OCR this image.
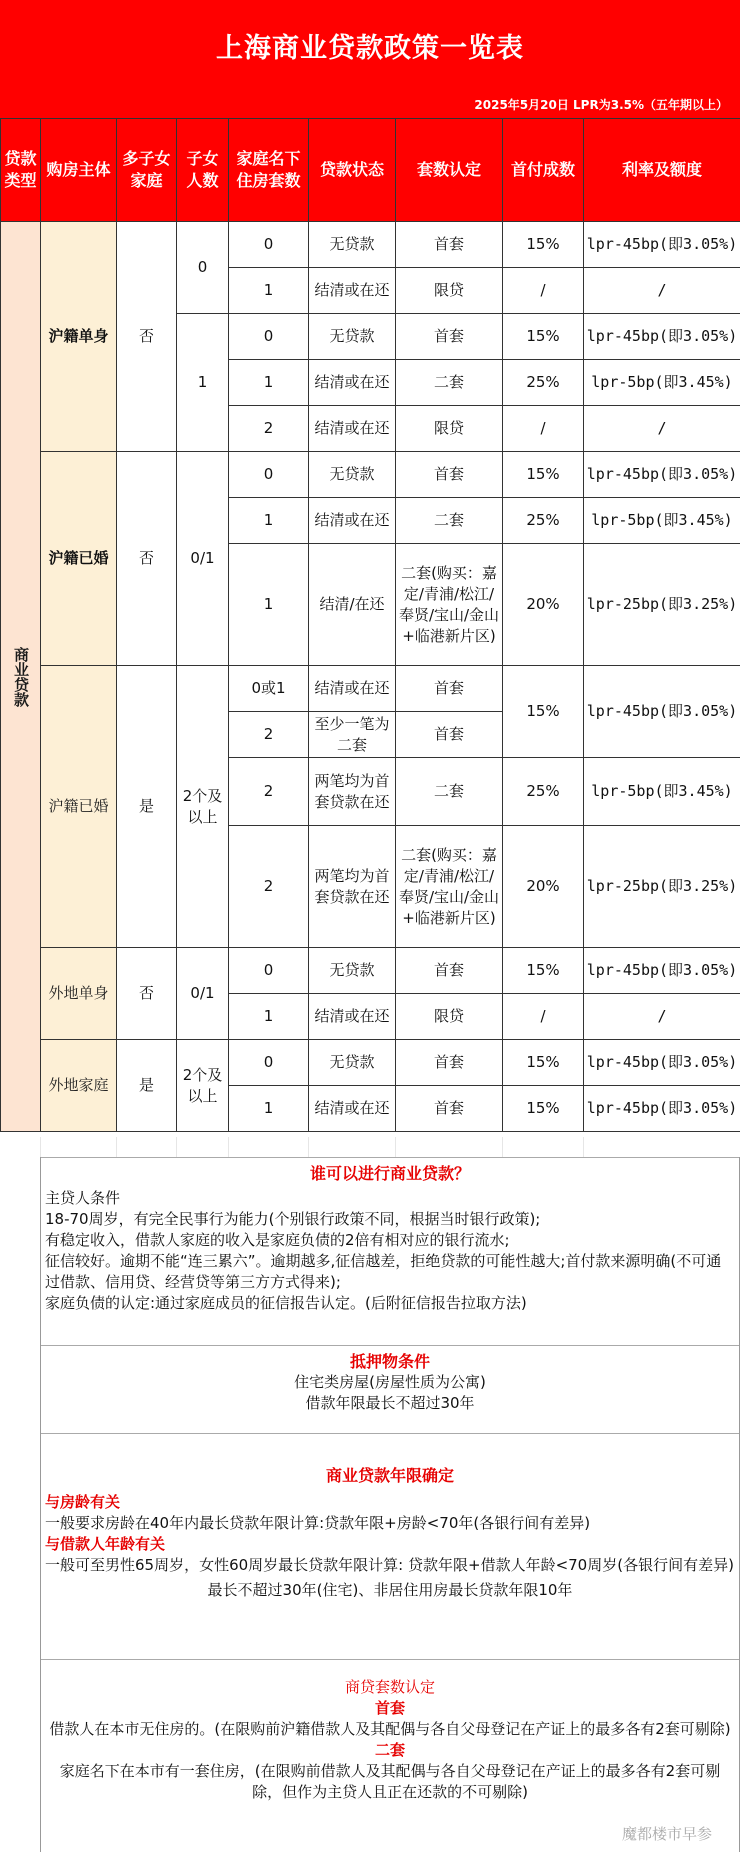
上海商业贷款政策一览表
2025年5月20日 LPR为3.5%（五年期以上）
贷款类型	购房主体	多子女家庭	子女人数	家庭名下住房套数	贷款状态	套数认定	首付成数	利率及额度
商业贷款	沪籍单身	否	0	0	无贷款	首套	15%	lpr-45bp(即3.05%)
				1	结清或在还	限贷	/	/
			1	0	无贷款	首套	15%	lpr-45bp(即3.05%)
				1	结清或在还	二套	25%	lpr-5bp(即3.45%)
				2	结清或在还	限贷	/	/
	沪籍已婚	否	0/1	0	无贷款	首套	15%	lpr-45bp(即3.05%)
				1	结清或在还	二套	25%	lpr-5bp(即3.45%)
				1	结清/在还	二套(购买：嘉定/青浦/松江/奉贤/宝山/金山+临港新片区)	20%	lpr-25bp(即3.25%)
	沪籍已婚	是	2个及以上	0或1	结清或在还	首套	15%	lpr-45bp(即3.05%)
				2	至少一笔为二套	首套		
				2	两笔均为首套贷款在还	二套	25%	lpr-5bp(即3.45%)
				2	两笔均为首套贷款在还	二套(购买：嘉定/青浦/松江/奉贤/宝山/金山+临港新片区)	20%	lpr-25bp(即3.25%)
	外地单身	否	0/1	0	无贷款	首套	15%	lpr-45bp(即3.05%)
				1	结清或在还	限贷	/	/
	外地家庭	是	2个及以上	0	无贷款	首套	15%	lpr-45bp(即3.05%)
				1	结清或在还	首套	15%	lpr-45bp(即3.05%)
谁可以进行商业贷款？
主贷人条件
18-70周岁，有完全民事行为能力(个别银行政策不同，根据当时银行政策);
有稳定收入，借款人家庭的收入是家庭负债的2倍有相对应的银行流水;
征信较好。逾期不能“连三累六”。逾期越多,征信越差，拒绝贷款的可能性越大;首付款来源明确(不可通过借款、信用贷、经营贷等第三方方式得来);
家庭负债的认定:通过家庭成员的征信报告认定。(后附征信报告拉取方法)
抵押物条件
住宅类房屋(房屋性质为公寓)
借款年限最长不超过30年
商业贷款年限确定
与房龄有关
一般要求房龄在40年内最长贷款年限计算:贷款年限+房龄<70年(各银行间有差异)
与借款人年龄有关
一般可至男性65周岁，女性60周岁最长贷款年限计算: 贷款年限+借款人年龄<70周岁(各银行间有差异)
最长不超过30年(住宅)、非居住用房最长贷款年限10年
商贷套数认定
首套
借款人在本市无住房的。(在限购前沪籍借款人及其配偶与各自父母登记在产证上的最多各有2套可剔除)
二套
家庭名下在本市有一套住房，(在限购前借款人及其配偶与各自父母登记在产证上的最多各有2套可剔除，但作为主贷人且正在还款的不可剔除)
魔都楼市早参
